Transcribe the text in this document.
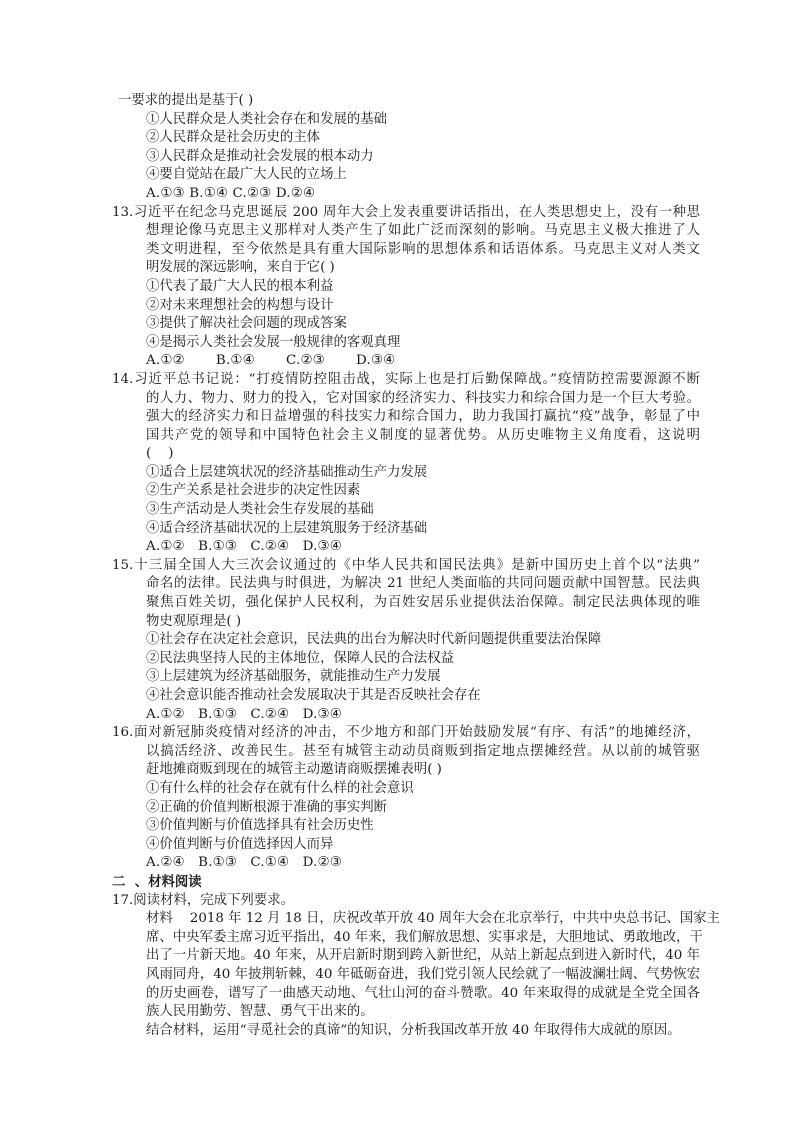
一要求的提出是基于( )
①人民群众是人类社会存在和发展的基础
②人民群众是社会历史的主体
③人民群众是推动社会发展的根本动力
④要自觉站在最广大人民的立场上
A.①③ B.①④ C.②③ D.②④
13.习近平在纪念马克思诞辰 200 周年大会上发表重要讲话指出，在人类思想史上，没有一种思
想理论像马克思主义那样对人类产生了如此广泛而深刻的影响。马克思主义极大推进了人
类文明进程，至今依然是具有重大国际影响的思想体系和话语体系。马克思主义对人类文
明发展的深远影响，来自于它( )
①代表了最广大人民的根本利益
②对未来理想社会的构想与设计
③提供了解决社会问题的现成答案
④是揭示人类社会发展一般规律的客观真理
A.①②       B.①④       C.②③       D.③④
14.习近平总书记说：“打疫情防控阻击战，实际上也是打后勤保障战。”疫情防控需要源源不断
的人力、物力、财力的投入，它对国家的经济实力、科技实力和综合国力是一个巨大考验。
强大的经济实力和日益增强的科技实力和综合国力，助力我国打赢抗“疫”战争，彰显了中
国共产党的领导和中国特色社会主义制度的显著优势。从历史唯物主义角度看，这说明
(    )
①适合上层建筑状况的经济基础推动生产力发展
②生产关系是社会进步的决定性因素
③生产活动是人类社会生存发展的基础
④适合经济基础状况的上层建筑服务于经济基础
A.①②   B.①③   C.②④   D.③④
15.十三届全国人大三次会议通过的《中华人民共和国民法典》是新中国历史上首个以“法典”
命名的法律。民法典与时俱进，为解决 21 世纪人类面临的共同问题贡献中国智慧。民法典
聚焦百姓关切，强化保护人民权利，为百姓安居乐业提供法治保障。制定民法典体现的唯
物史观原理是( )
①社会存在决定社会意识，民法典的出台为解决时代新问题提供重要法治保障
②民法典坚持人民的主体地位，保障人民的合法权益
③上层建筑为经济基础服务，就能推动生产力发展
④社会意识能否推动社会发展取决于其是否反映社会存在
A.①②   B.①③   C.②④   D.③④
16.面对新冠肺炎疫情对经济的冲击，不少地方和部门开始鼓励发展“有序、有活”的地摊经济，
以搞活经济、改善民生。甚至有城管主动动员商贩到指定地点摆摊经营。从以前的城管驱
赶地摊商贩到现在的城管主动邀请商贩摆摊表明( )
①有什么样的社会存在就有什么样的社会意识
②正确的价值判断根源于准确的事实判断
③价值判断与价值选择具有社会历史性
④价值判断与价值选择因人而异
A.②④   B.①③   C.①④   D.②③
二  、材料阅读
17.阅读材料，完成下列要求。
材料    2018 年 12 月 18 日，庆祝改革开放 40 周年大会在北京举行，中共中央总书记、国家主
席、中央军委主席习近平指出，40 年来，我们解放思想、实事求是，大胆地试、勇敢地改，干
出了一片新天地。40 年来，从开启新时期到跨入新世纪，从站上新起点到进入新时代，40 年
风雨同舟，40 年披荆斩棘，40 年砥砺奋进，我们党引领人民绘就了一幅波澜壮阔、气势恢宏
的历史画卷，谱写了一曲感天动地、气壮山河的奋斗赞歌。40 年来取得的成就是全党全国各
族人民用勤劳、智慧、勇气干出来的。
结合材料，运用“寻觅社会的真谛”的知识，分析我国改革开放 40 年取得伟大成就的原因。
